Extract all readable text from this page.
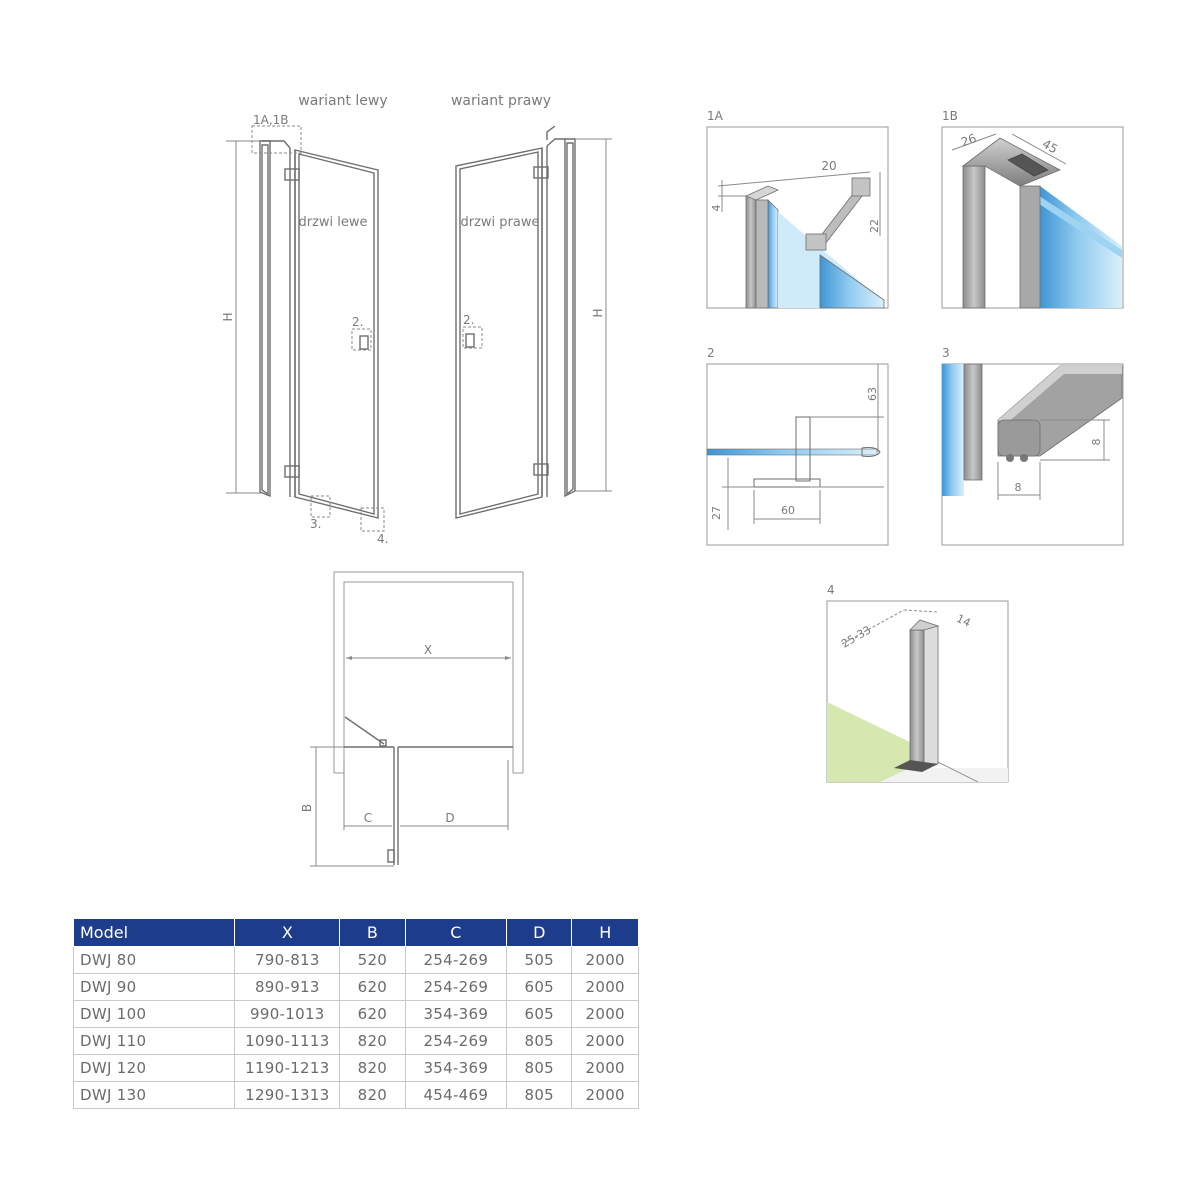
wariant lewy
H
1A,1B
2.
3.
4.
drzwi lewe
wariant prawy
H
2.
drzwi prawe
X
B
C	D
1A
4
20
22
1B
26	45
2
63
27	60
3
8
8
4
25-33
14
Model	X	B	C	D	H
DWJ 80	790-813	520	254-269	505	2000
DWJ 90	890-913	620	254-269	605	2000
DWJ 100	990-1013	620	354-369	605	2000
DWJ 110	1090-1113	820	254-269	805	2000
DWJ 120	1190-1213	820	354-369	805	2000
DWJ 130	1290-1313	820	454-469	805	2000
